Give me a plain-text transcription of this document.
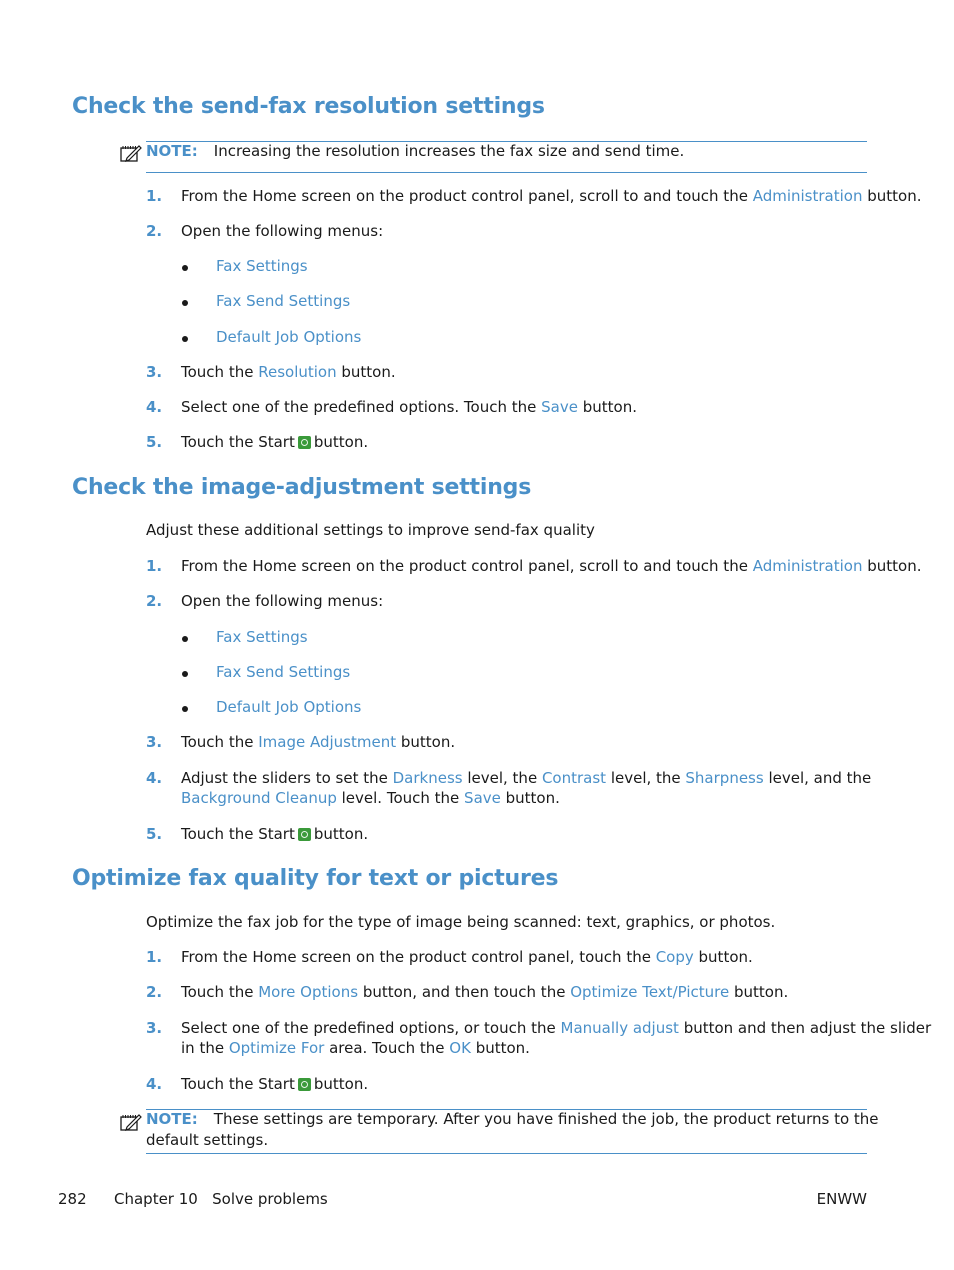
Check the send-fax resolution settings
NOTE: Increasing the resolution increases the fax size and send time.
1. From the Home screen on the product control panel, scroll to and touch the Administration button.
2. Open the following menus:
Fax Settings
Fax Send Settings
Default Job Options
3. Touch the Resolution button.
4. Select one of the predefined options. Touch the Save button.
5. Touch the Start button.
Check the image-adjustment settings
Adjust these additional settings to improve send-fax quality
1. From the Home screen on the product control panel, scroll to and touch the Administration button.
2. Open the following menus:
Fax Settings
Fax Send Settings
Default Job Options
3. Touch the Image Adjustment button.
4. Adjust the sliders to set the Darkness level, the Contrast level, the Sharpness level, and the
Background Cleanup level. Touch the Save button.
5. Touch the Start button.
Optimize fax quality for text or pictures
Optimize the fax job for the type of image being scanned: text, graphics, or photos.
1. From the Home screen on the product control panel, touch the Copy button.
2. Touch the More Options button, and then touch the Optimize Text/Picture button.
3. Select one of the predefined options, or touch the Manually adjust button and then adjust the slider
in the Optimize For area. Touch the OK button.
4. Touch the Start button.
NOTE: These settings are temporary. After you have finished the job, the product returns to the
default settings.
282 Chapter 10   Solve problems	ENWW
